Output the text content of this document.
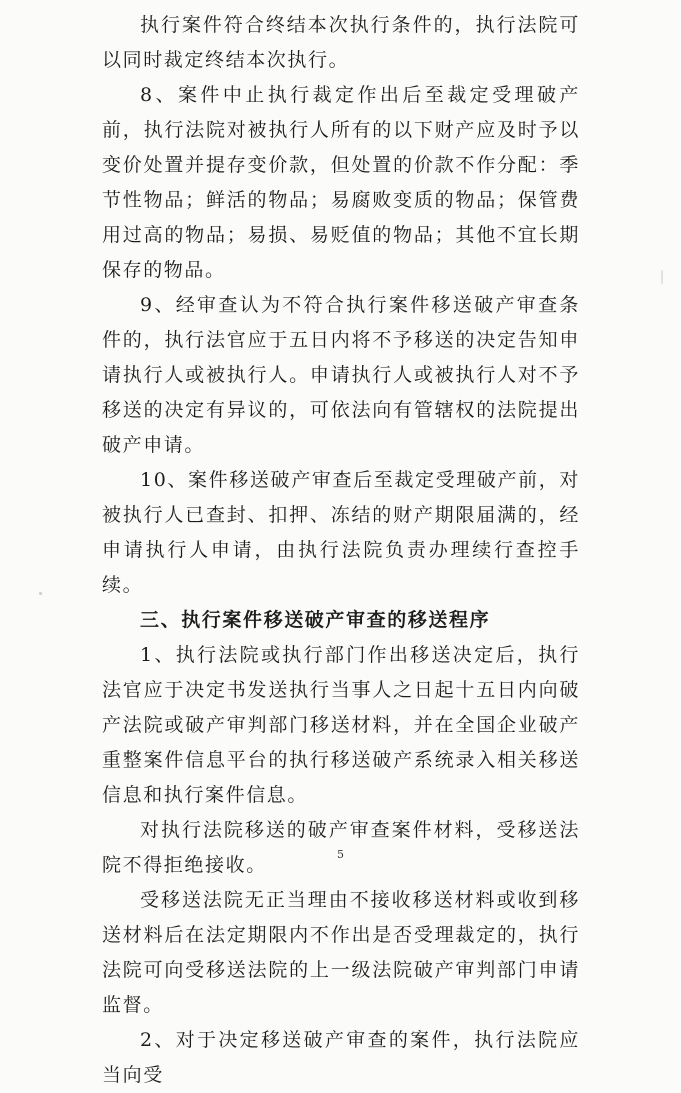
执行案件符合终结本次执行条件的，执行法院可以同时裁定终结本次执行。

8、案件中止执行裁定作出后至裁定受理破产前，执行法院对被执行人所有的以下财产应及时予以变价处置并提存变价款，但处置的价款不作分配：季节性物品；鲜活的物品；易腐败变质的物品；保管费用过高的物品；易损、易贬值的物品；其他不宜长期保存的物品。

9、经审查认为不符合执行案件移送破产审查条件的，执行法官应于五日内将不予移送的决定告知申请执行人或被执行人。申请执行人或被执行人对不予移送的决定有异议的，可依法向有管辖权的法院提出破产申请。

10、案件移送破产审查后至裁定受理破产前，对被执行人已查封、扣押、冻结的财产期限届满的，经申请执行人申请，由执行法院负责办理续行查控手续。

三、执行案件移送破产审查的移送程序

1、执行法院或执行部门作出移送决定后，执行法官应于决定书发送执行当事人之日起十五日内向破产法院或破产审判部门移送材料，并在全国企业破产重整案件信息平台的执行移送破产系统录入相关移送信息和执行案件信息。

对执行法院移送的破产审查案件材料，受移送法院不得拒绝接收。

受移送法院无正当理由不接收移送材料或收到移送材料后在法定期限内不作出是否受理裁定的，执行法院可向受移送法院的上一级法院破产审判部门申请监督。

2、对于决定移送破产审查的案件，执行法院应当向受

5
